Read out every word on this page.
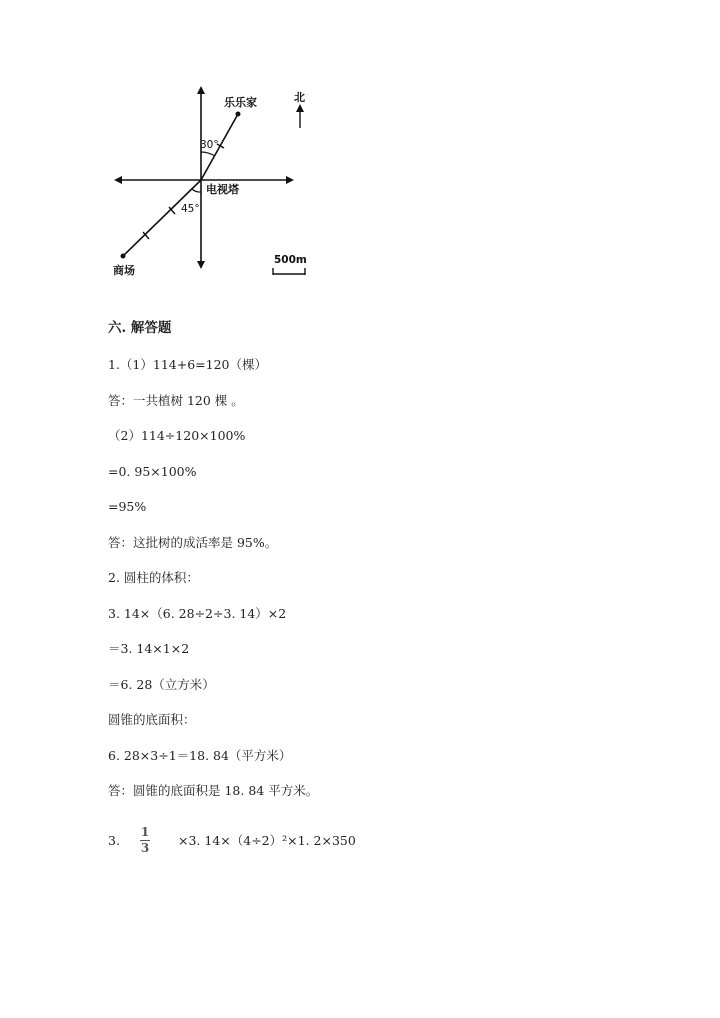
30°
45°
乐乐家
电视塔
商场
北
500m
六. 解答题
1.（1）114+6=120（棵）
答：一共植树 120 棵 。
（2）114÷120×100%
=0. 95×100%
=95%
答：这批树的成活率是 95%。
2. 圆柱的体积：
3. 14×（6. 28÷2÷3. 14）×2
＝3. 14×1×2
＝6. 28（立方米）
圆锥的底面积：
6. 28×3÷1＝18. 84（平方米）
答：圆锥的底面积是 18. 84 平方米。
3.
1
3 ×3. 14×（4÷2）²×1. 2×350
